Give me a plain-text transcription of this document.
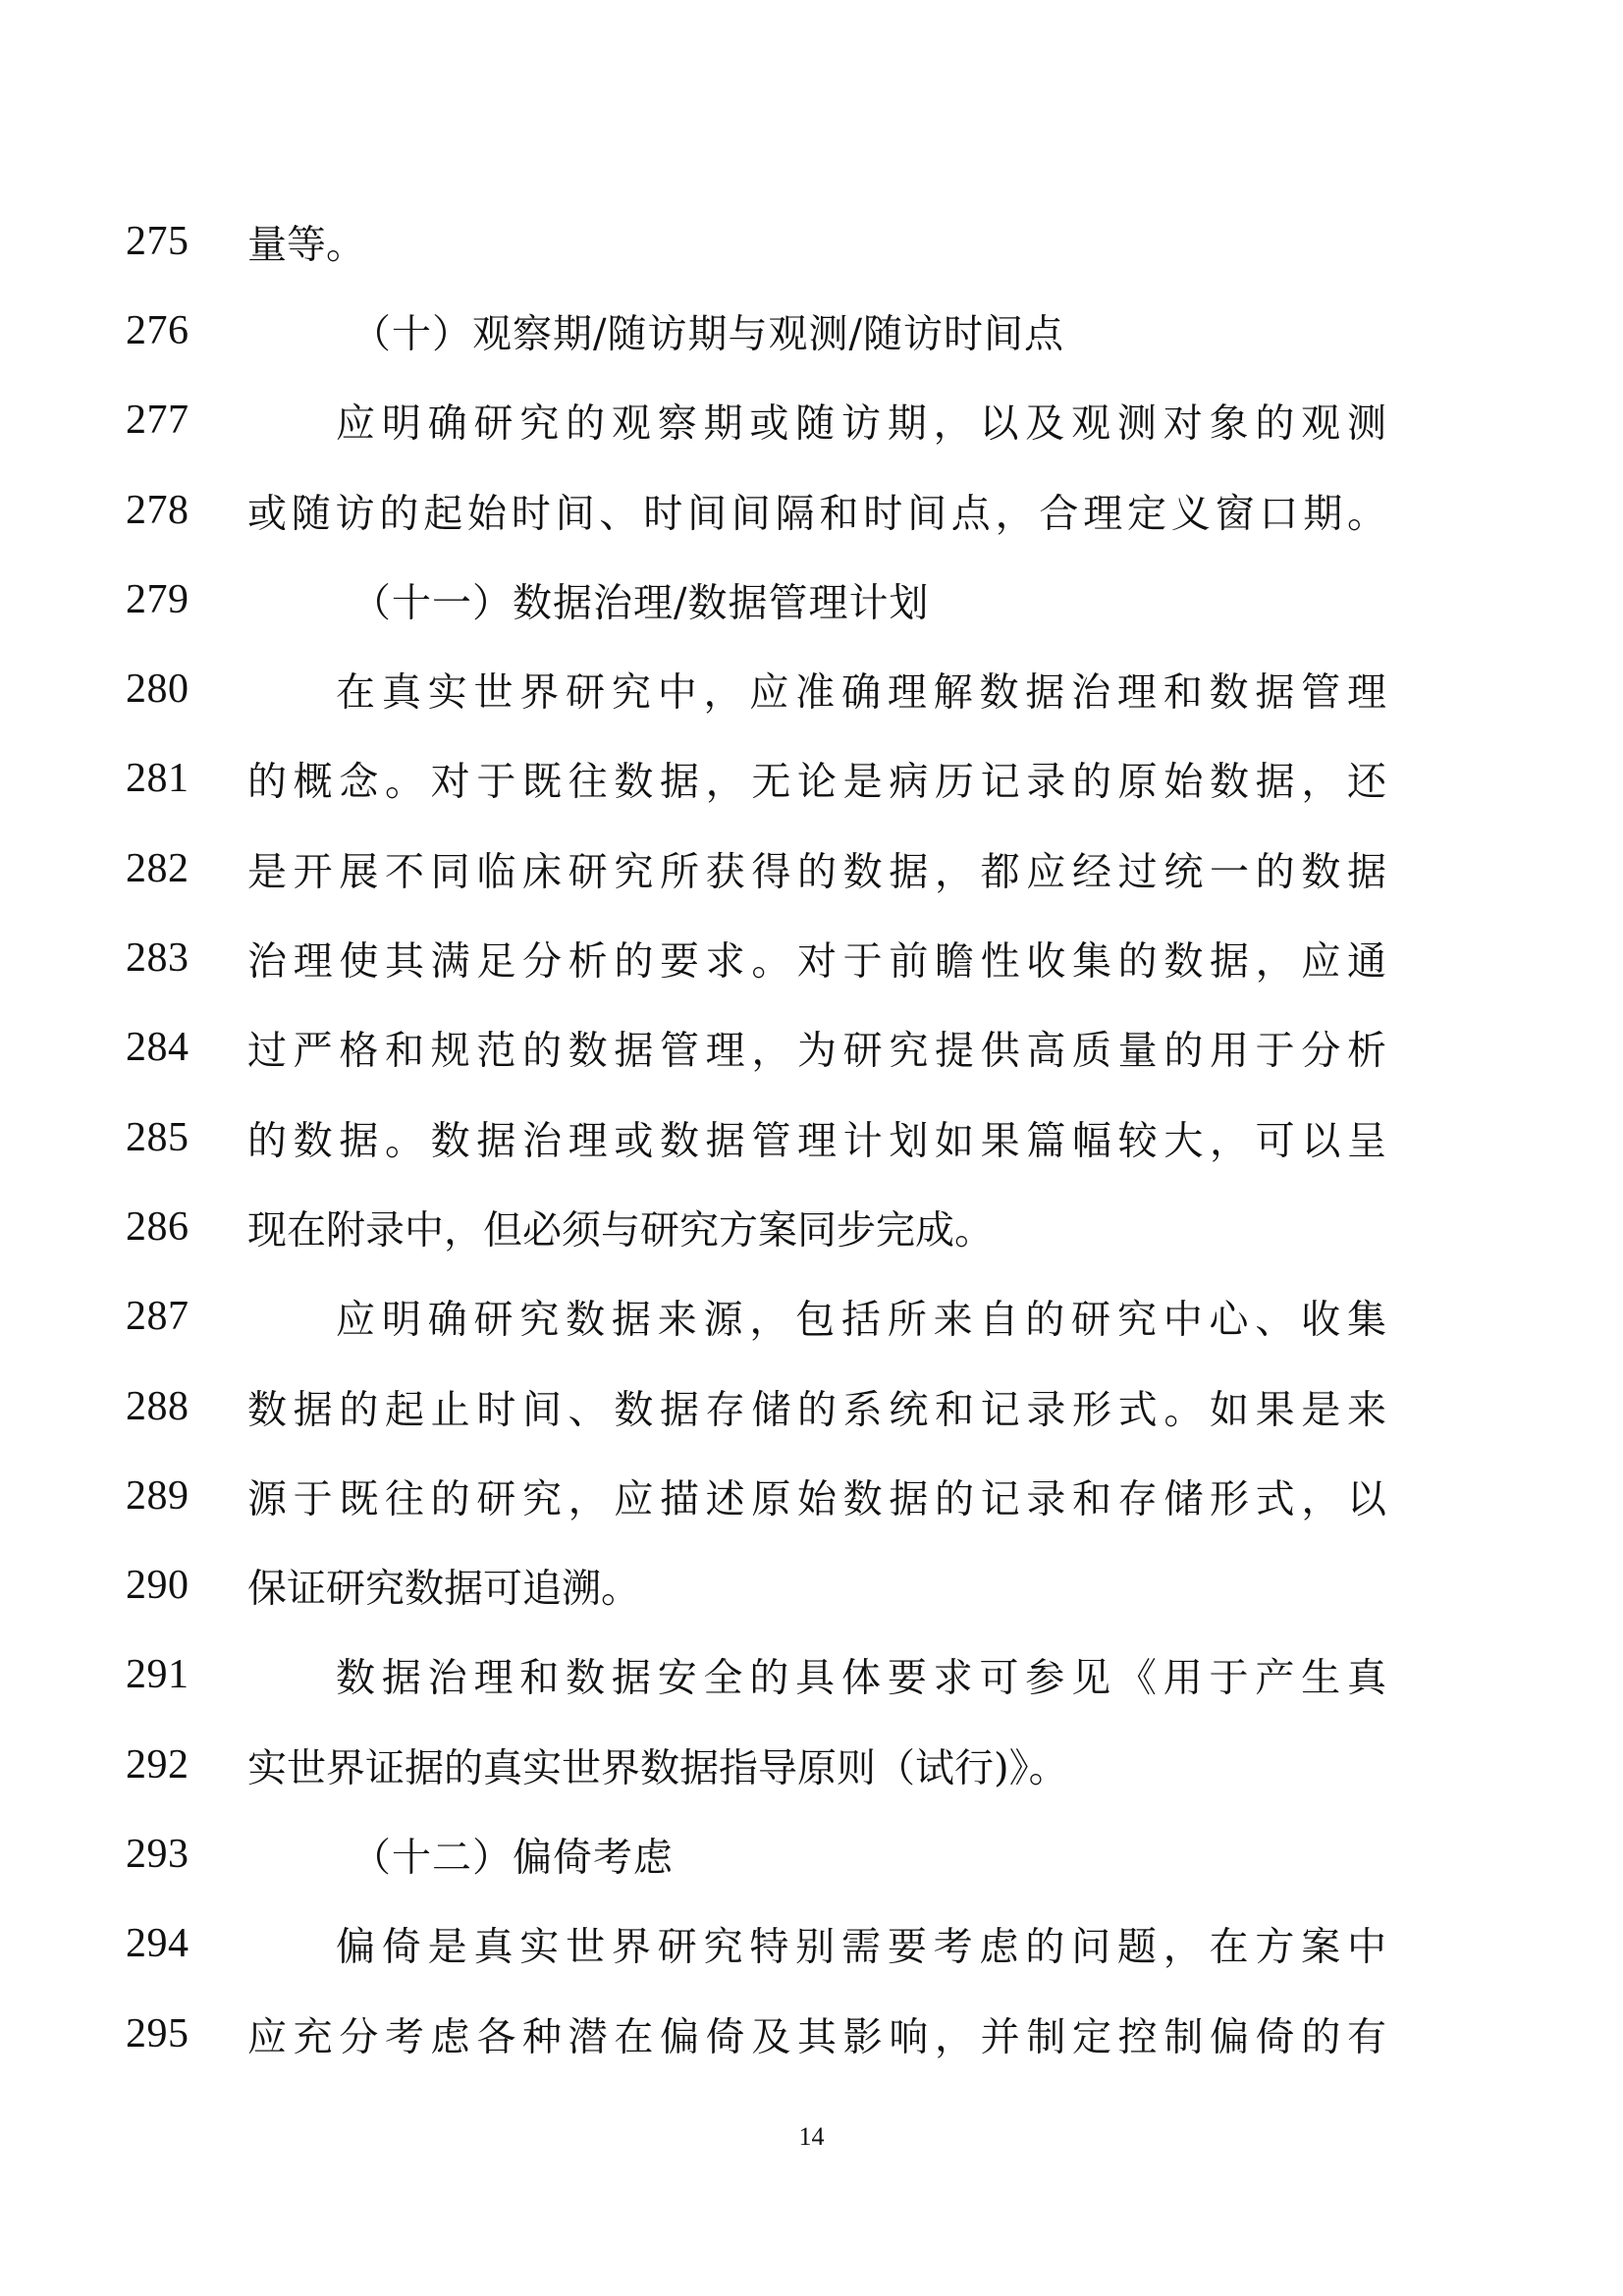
275 量等。
276	（十）观察期/随访期与观测/随访时间点
277	应明确研究的观察期或随访期，以及观测对象的观测
278 或随访的起始时间、时间间隔和时间点，合理定义窗口期。
279	（十一）数据治理/数据管理计划
280	在真实世界研究中，应准确理解数据治理和数据管理
281 的概念。对于既往数据，无论是病历记录的原始数据，还
282 是开展不同临床研究所获得的数据，都应经过统一的数据
283 治理使其满足分析的要求。对于前瞻性收集的数据，应通
284 过严格和规范的数据管理，为研究提供高质量的用于分析
285 的数据。数据治理或数据管理计划如果篇幅较大，可以呈
286 现在附录中，但必须与研究方案同步完成。
287	应明确研究数据来源，包括所来自的研究中心、收集
288 数据的起止时间、数据存储的系统和记录形式。如果是来
289 源于既往的研究，应描述原始数据的记录和存储形式，以
290 保证研究数据可追溯。
291	数据治理和数据安全的具体要求可参见《用于产生真
292 实世界证据的真实世界数据指导原则（试行)》。
293	（十二）偏倚考虑
294	偏倚是真实世界研究特别需要考虑的问题，在方案中
295 应充分考虑各种潜在偏倚及其影响，并制定控制偏倚的有
14
